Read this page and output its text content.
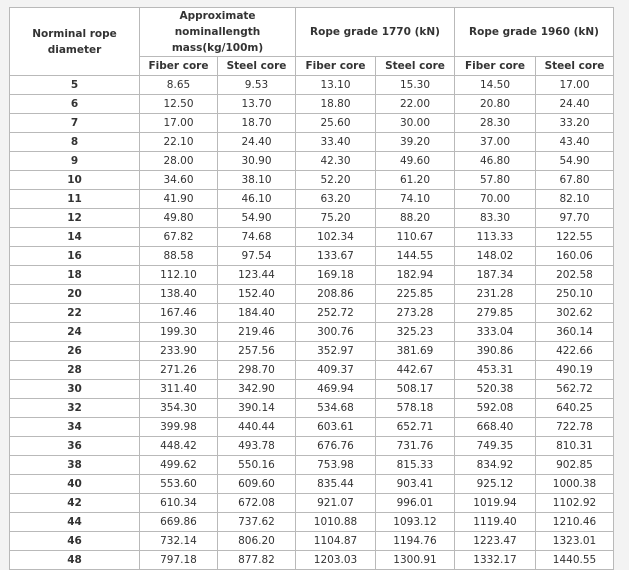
Norminal rope diameter	Approximate nominallength mass(kg/100m)		Rope grade 1770 (kN)		Rope grade 1960 (kN)	
	Fiber core	Steel core	Fiber core	Steel core	Fiber core	Steel core
5	8.65	9.53	13.10	15.30	14.50	17.00
6	12.50	13.70	18.80	22.00	20.80	24.40
7	17.00	18.70	25.60	30.00	28.30	33.20
8	22.10	24.40	33.40	39.20	37.00	43.40
9	28.00	30.90	42.30	49.60	46.80	54.90
10	34.60	38.10	52.20	61.20	57.80	67.80
11	41.90	46.10	63.20	74.10	70.00	82.10
12	49.80	54.90	75.20	88.20	83.30	97.70
14	67.82	74.68	102.34	110.67	113.33	122.55
16	88.58	97.54	133.67	144.55	148.02	160.06
18	112.10	123.44	169.18	182.94	187.34	202.58
20	138.40	152.40	208.86	225.85	231.28	250.10
22	167.46	184.40	252.72	273.28	279.85	302.62
24	199.30	219.46	300.76	325.23	333.04	360.14
26	233.90	257.56	352.97	381.69	390.86	422.66
28	271.26	298.70	409.37	442.67	453.31	490.19
30	311.40	342.90	469.94	508.17	520.38	562.72
32	354.30	390.14	534.68	578.18	592.08	640.25
34	399.98	440.44	603.61	652.71	668.40	722.78
36	448.42	493.78	676.76	731.76	749.35	810.31
38	499.62	550.16	753.98	815.33	834.92	902.85
40	553.60	609.60	835.44	903.41	925.12	1000.38
42	610.34	672.08	921.07	996.01	1019.94	1102.92
44	669.86	737.62	1010.88	1093.12	1119.40	1210.46
46	732.14	806.20	1104.87	1194.76	1223.47	1323.01
48	797.18	877.82	1203.03	1300.91	1332.17	1440.55
